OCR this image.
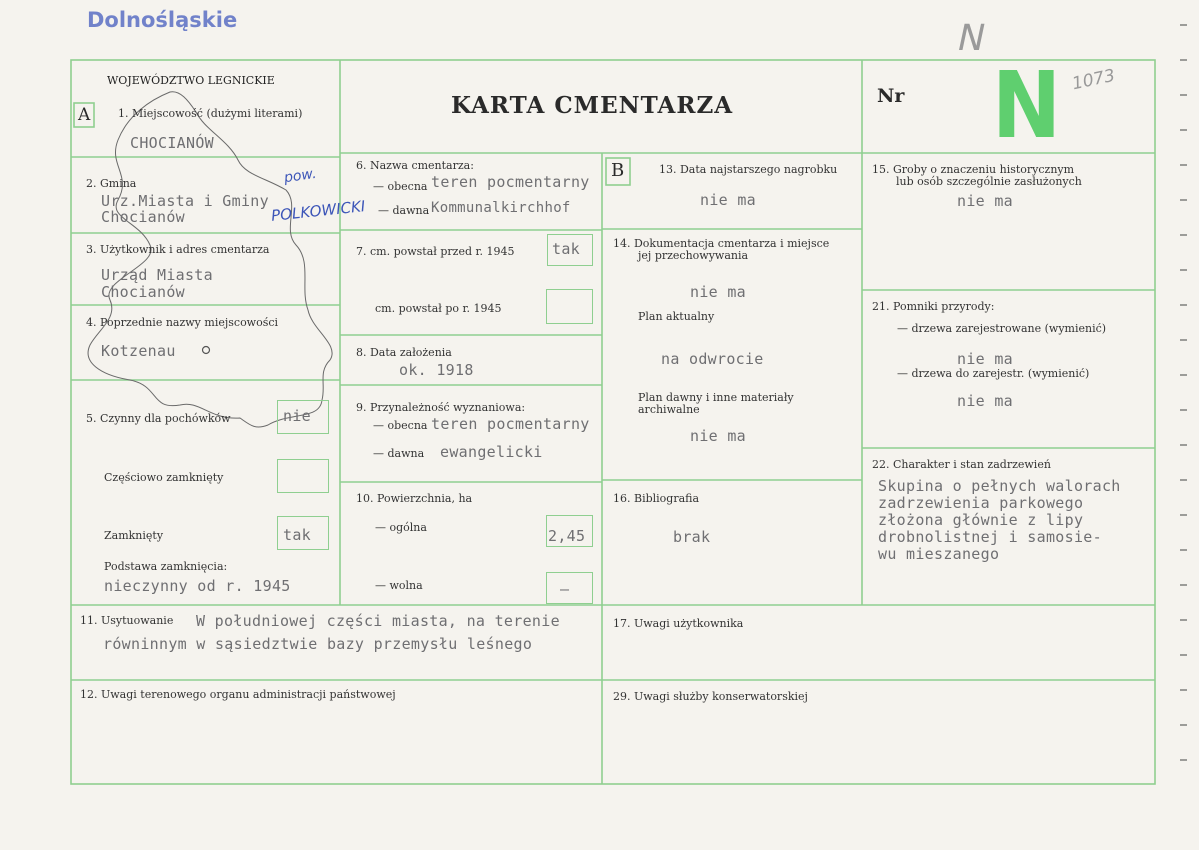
Dolnośląskie	N
WOJEWÓDZTWO LEGNICKIE
A	KARTA CMENTARZA	Nr N 1073
1. Miejscowość (dużymi literami)
CHOCIANÓW
2. Gmina
Urz.Miasta i Gminy
Chocianów
pow.
POLKOWICKI
3. Użytkownik i adres cmentarza
Urząd Miasta
Chocianów
4. Poprzednie nazwy miejscowości
Kotzenau
5. Czynny dla pochówków	nie
Częściowo zamknięty
Zamknięty	tak
Podstawa zamknięcia:
nieczynny od r. 1945
6. Nazwa cmentarza:
— obecna teren pocmentarny
— dawna Kommunalkirchhof
7. cm. powstał przed r. 1945 tak
cm. powstał po r. 1945
8. Data założenia
ok. 1918
9. Przynależność wyznaniowa:
— obecna teren pocmentarny
— dawna ewangelicki
10. Powierzchnia, ha
— ogólna	2,45
— wolna	–
B	13. Data najstarszego nagrobku
nie ma
14. Dokumentacja cmentarza i miejsce
jej przechowywania
nie ma
Plan aktualny
na odwrocie
Plan dawny i inne materiały
archiwalne
nie ma
16. Bibliografia
brak
15. Groby o znaczeniu historycznym
lub osób szczególnie zasłużonych
nie ma
21. Pomniki przyrody:
— drzewa zarejestrowane (wymienić)
nie ma
— drzewa do zarejestr. (wymienić)
nie ma
22. Charakter i stan zadrzewień
Skupina o pełnych walorach
zadrzewienia parkowego
złożona głównie z lipy
drobnolistnej i samosie-
wu mieszanego
11. Usytuowanie W południowej części miasta, na terenie
równinnym w sąsiedztwie bazy przemysłu leśnego
17. Uwagi użytkownika
12. Uwagi terenowego organu administracji państwowej	29. Uwagi służby konserwatorskiej
